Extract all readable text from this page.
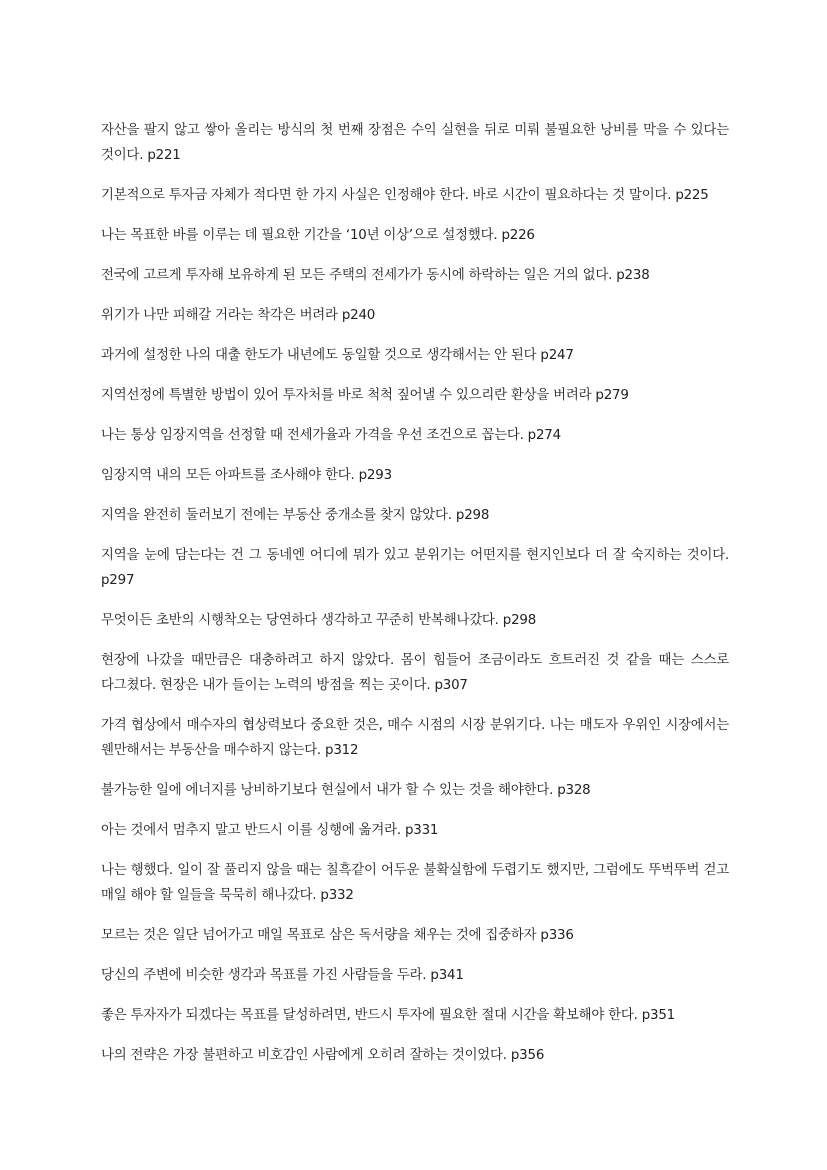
자산을 팔지 않고 쌓아 올리는 방식의 첫 번째 장점은 수익 실현을 뒤로 미뤄 불필요한 낭비를 막을 수 있다는 것이다. p221

기본적으로 투자금 자체가 적다면 한 가지 사실은 인정해야 한다. 바로 시간이 필요하다는 것 말이다. p225

나는 목표한 바를 이루는 데 필요한 기간을 ‘10년 이상’으로 설정했다. p226

전국에 고르게 투자해 보유하게 된 모든 주택의 전세가가 동시에 하락하는 일은 거의 없다. p238

위기가 나만 피해갈 거라는 착각은 버려라 p240

과거에 설정한 나의 대출 한도가 내년에도 동일할 것으로 생각해서는 안 된다 p247

지역선정에 특별한 방법이 있어 투자처를 바로 척척 짚어낼 수 있으리란 환상을 버려라 p279

나는 통상 임장지역을 선정할 때 전세가율과 가격을 우선 조건으로 꼽는다. p274

임장지역 내의 모든 아파트를 조사해야 한다. p293

지역을 완전히 둘러보기 전에는 부동산 중개소를 찾지 않았다. p298

지역을 눈에 담는다는 건 그 동네엔 어디에 뭐가 있고 분위기는 어떤지를 현지인보다 더 잘 숙지하는 것이다. p297

무엇이든 초반의 시행착오는 당연하다 생각하고 꾸준히 반복해나갔다. p298

현장에 나갔을 때만큼은 대충하려고 하지 않았다. 몸이 힘들어 조금이라도 흐트러진 것 같을 때는 스스로 다그쳤다. 현장은 내가 들이는 노력의 방점을 찍는 곳이다. p307

가격 협상에서 매수자의 협상력보다 중요한 것은, 매수 시점의 시장 분위기다. 나는 매도자 우위인 시장에서는 웬만해서는 부동산을 매수하지 않는다. p312

불가능한 일에 에너지를 낭비하기보다 현실에서 내가 할 수 있는 것을 해야한다. p328

아는 것에서 멈추지 말고 반드시 이를 싱행에 옮겨라. p331

나는 행했다. 일이 잘 풀리지 않을 때는 칠흑같이 어두운 불확실함에 두렵기도 했지만, 그럼에도 뚜벅뚜벅 걷고 매일 해야 할 일들을 묵묵히 해나갔다. p332

모르는 것은 일단 넘어가고 매일 목표로 삼은 독서량을 채우는 것에 집중하자 p336

당신의 주변에 비슷한 생각과 목표를 가진 사람들을 두라. p341

좋은 투자자가 되겠다는 목표를 달성하려면, 반드시 투자에 필요한 절대 시간을 확보해야 한다. p351

나의 전략은 가장 불편하고 비호감인 사람에게 오히려 잘하는 것이었다. p356
